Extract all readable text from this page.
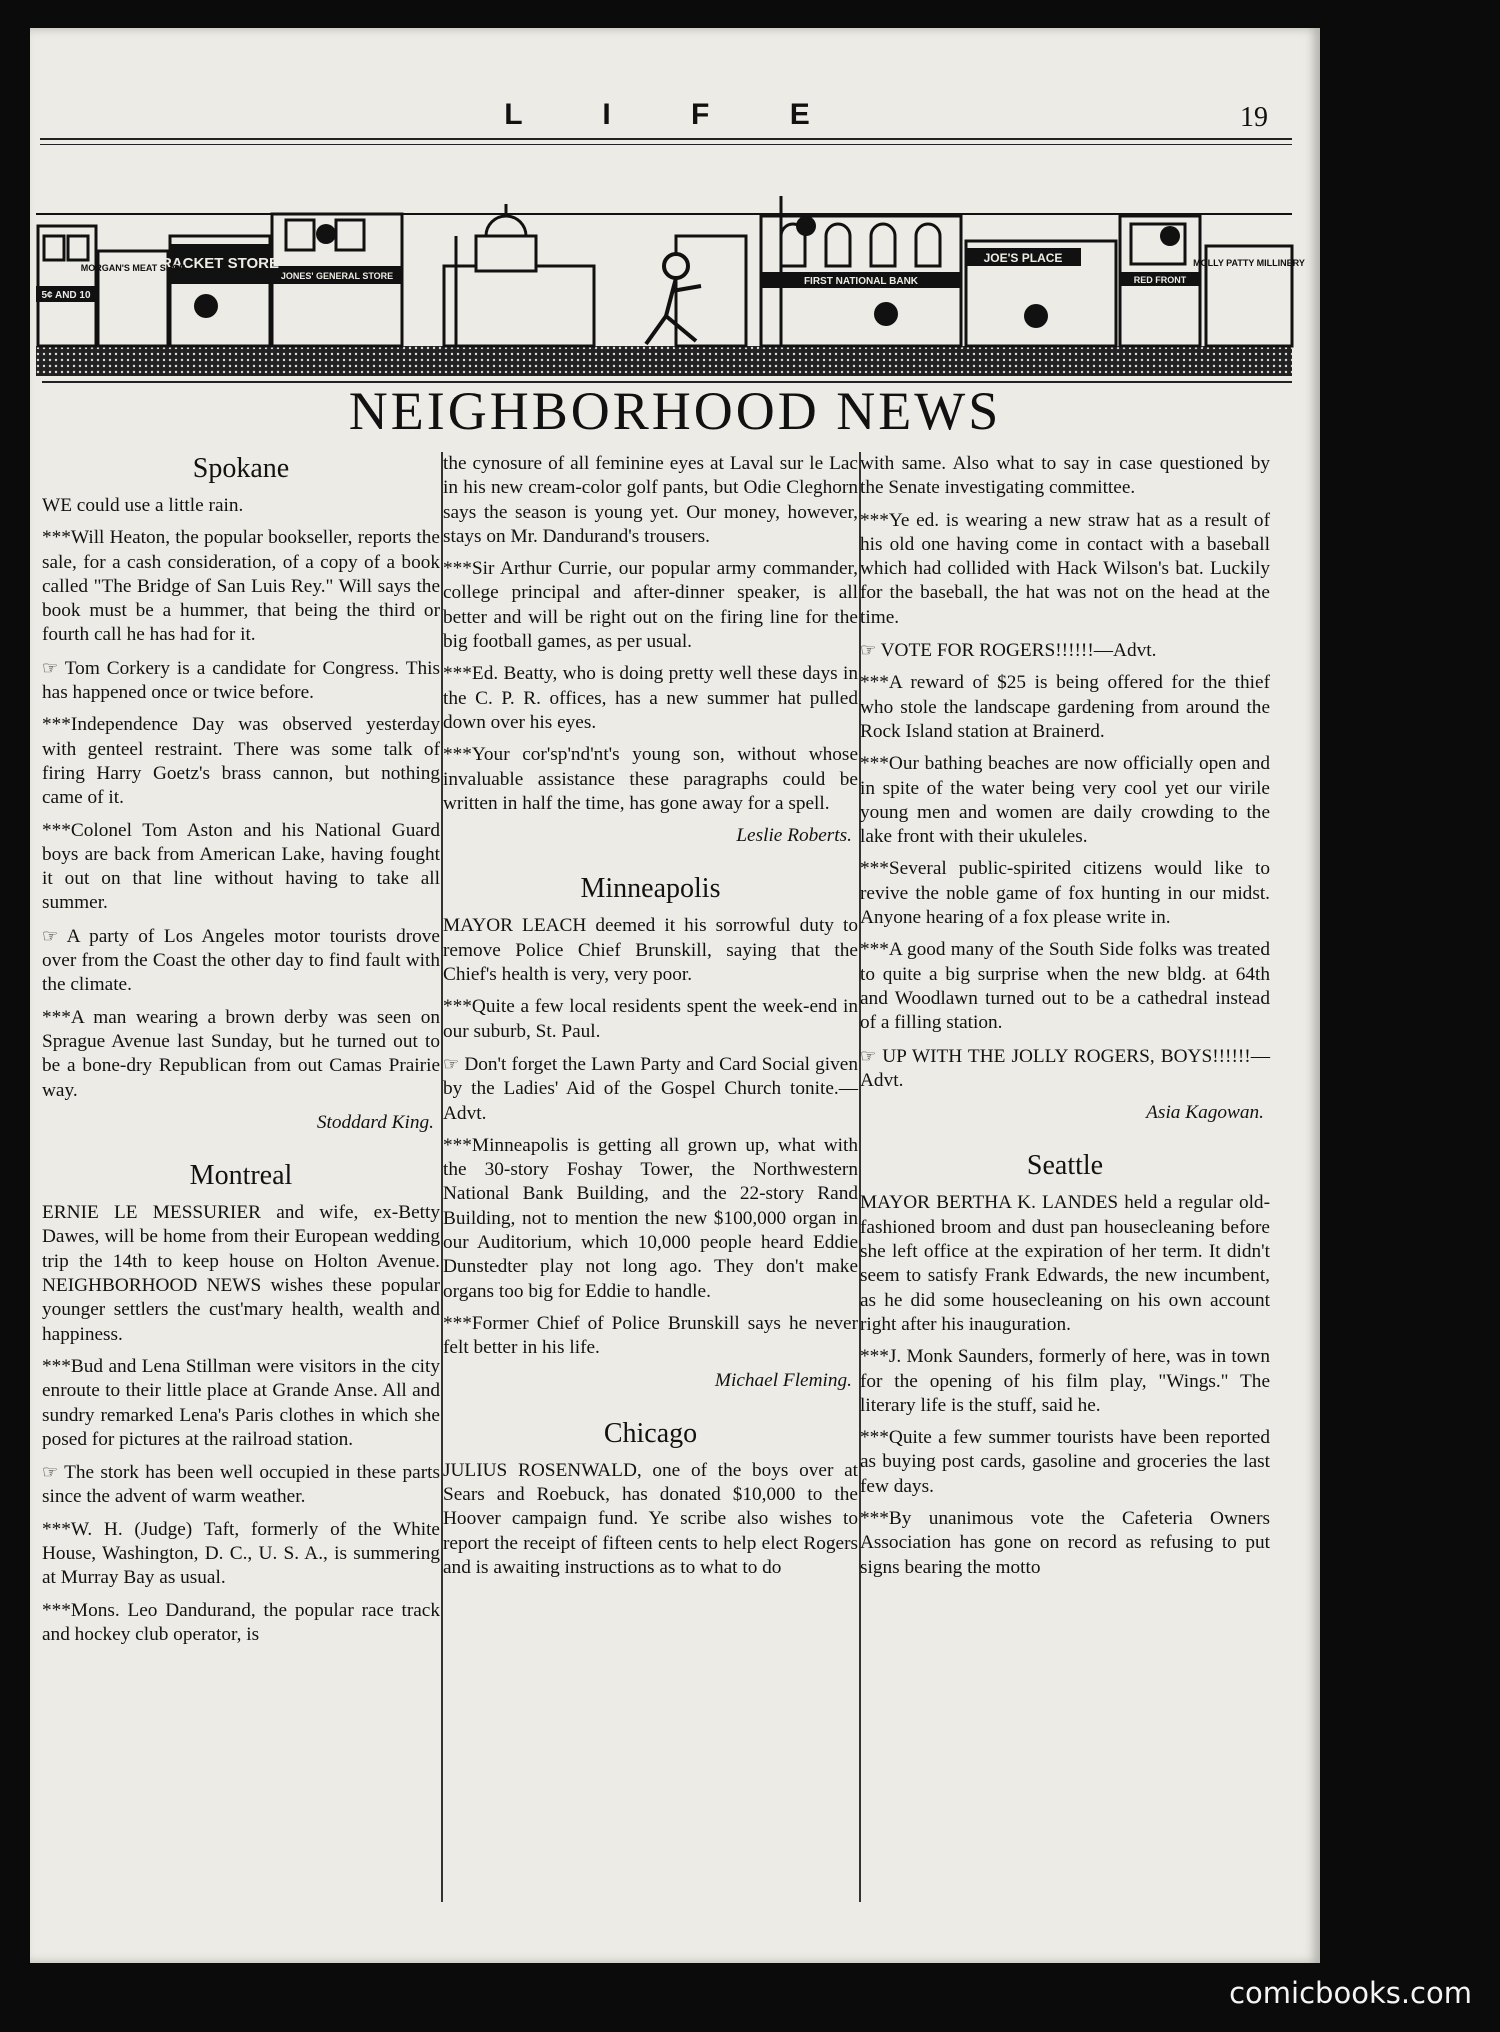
L I F E	19
5¢ AND 10
RACKET STORE
JONES' GENERAL STORE	FIRST NATIONAL BANK
JOE'S PLACE
RED FRONT
MORGAN'S MEAT SHOP	MOLLY PATTY MILLINERY
NEIGHBORHOOD NEWS
Spokane

WE could use a little rain.

***Will Heaton, the popular bookseller, reports the sale, for a cash consideration, of a copy of a book called "The Bridge of San Luis Rey." Will says the book must be a hummer, that being the third or fourth call he has had for it.

☞ Tom Corkery is a candidate for Congress. This has happened once or twice before.

***Independence Day was observed yesterday with genteel restraint. There was some talk of firing Harry Goetz's brass cannon, but nothing came of it.

***Colonel Tom Aston and his National Guard boys are back from American Lake, having fought it out on that line without having to take all summer.

☞ A party of Los Angeles motor tourists drove over from the Coast the other day to find fault with the climate.

***A man wearing a brown derby was seen on Sprague Avenue last Sunday, but he turned out to be a bone-dry Republican from out Camas Prairie way.

Stoddard King.
Montreal

ERNIE LE MESSURIER and wife, ex-Betty Dawes, will be home from their European wedding trip the 14th to keep house on Holton Avenue. NEIGHBORHOOD NEWS wishes these popular younger settlers the cust'mary health, wealth and happiness.

***Bud and Lena Stillman were visitors in the city enroute to their little place at Grande Anse. All and sundry remarked Lena's Paris clothes in which she posed for pictures at the railroad station.

☞ The stork has been well occupied in these parts since the advent of warm weather.

***W. H. (Judge) Taft, formerly of the White House, Washington, D. C., U. S. A., is summering at Murray Bay as usual.

***Mons. Leo Dandurand, the popular race track and hockey club operator, is

the cynosure of all feminine eyes at Laval sur le Lac in his new cream-color golf pants, but Odie Cleghorn says the season is young yet. Our money, however, stays on Mr. Dandurand's trousers.

***Sir Arthur Currie, our popular army commander, college principal and after-dinner speaker, is all better and will be right out on the firing line for the big football games, as per usual.

***Ed. Beatty, who is doing pretty well these days in the C. P. R. offices, has a new summer hat pulled down over his eyes.

***Your cor'sp'nd'nt's young son, without whose invaluable assistance these paragraphs could be written in half the time, has gone away for a spell.

Leslie Roberts.
Minneapolis

MAYOR LEACH deemed it his sorrowful duty to remove Police Chief Brunskill, saying that the Chief's health is very, very poor.

***Quite a few local residents spent the week-end in our suburb, St. Paul.

☞ Don't forget the Lawn Party and Card Social given by the Ladies' Aid of the Gospel Church tonite.—Advt.

***Minneapolis is getting all grown up, what with the 30-story Foshay Tower, the Northwestern National Bank Building, and the 22-story Rand Building, not to mention the new $100,000 organ in our Auditorium, which 10,000 people heard Eddie Dunstedter play not long ago. They don't make organs too big for Eddie to handle.

***Former Chief of Police Brunskill says he never felt better in his life.

Michael Fleming.
Chicago

JULIUS ROSENWALD, one of the boys over at Sears and Roebuck, has donated $10,000 to the Hoover campaign fund. Ye scribe also wishes to report the receipt of fifteen cents to help elect Rogers and is awaiting instructions as to what to do

with same. Also what to say in case questioned by the Senate investigating committee.

***Ye ed. is wearing a new straw hat as a result of his old one having come in contact with a baseball which had collided with Hack Wilson's bat. Luckily for the baseball, the hat was not on the head at the time.

☞ VOTE FOR ROGERS!!!!!!—Advt.

***A reward of $25 is being offered for the thief who stole the landscape gardening from around the Rock Island station at Brainerd.

***Our bathing beaches are now officially open and in spite of the water being very cool yet our virile young men and women are daily crowding to the lake front with their ukuleles.

***Several public-spirited citizens would like to revive the noble game of fox hunting in our midst. Anyone hearing of a fox please write in.

***A good many of the South Side folks was treated to quite a big surprise when the new bldg. at 64th and Woodlawn turned out to be a cathedral instead of a filling station.

☞ UP WITH THE JOLLY ROGERS, BOYS!!!!!!—Advt.

Asia Kagowan.
Seattle

MAYOR BERTHA K. LANDES held a regular old-fashioned broom and dust pan housecleaning before she left office at the expiration of her term. It didn't seem to satisfy Frank Edwards, the new incumbent, as he did some housecleaning on his own account right after his inauguration.

***J. Monk Saunders, formerly of here, was in town for the opening of his film play, "Wings." The literary life is the stuff, said he.

***Quite a few summer tourists have been reported as buying post cards, gasoline and groceries the last few days.

***By unanimous vote the Cafeteria Owners Association has gone on record as refusing to put signs bearing the motto

comicbooks.com
